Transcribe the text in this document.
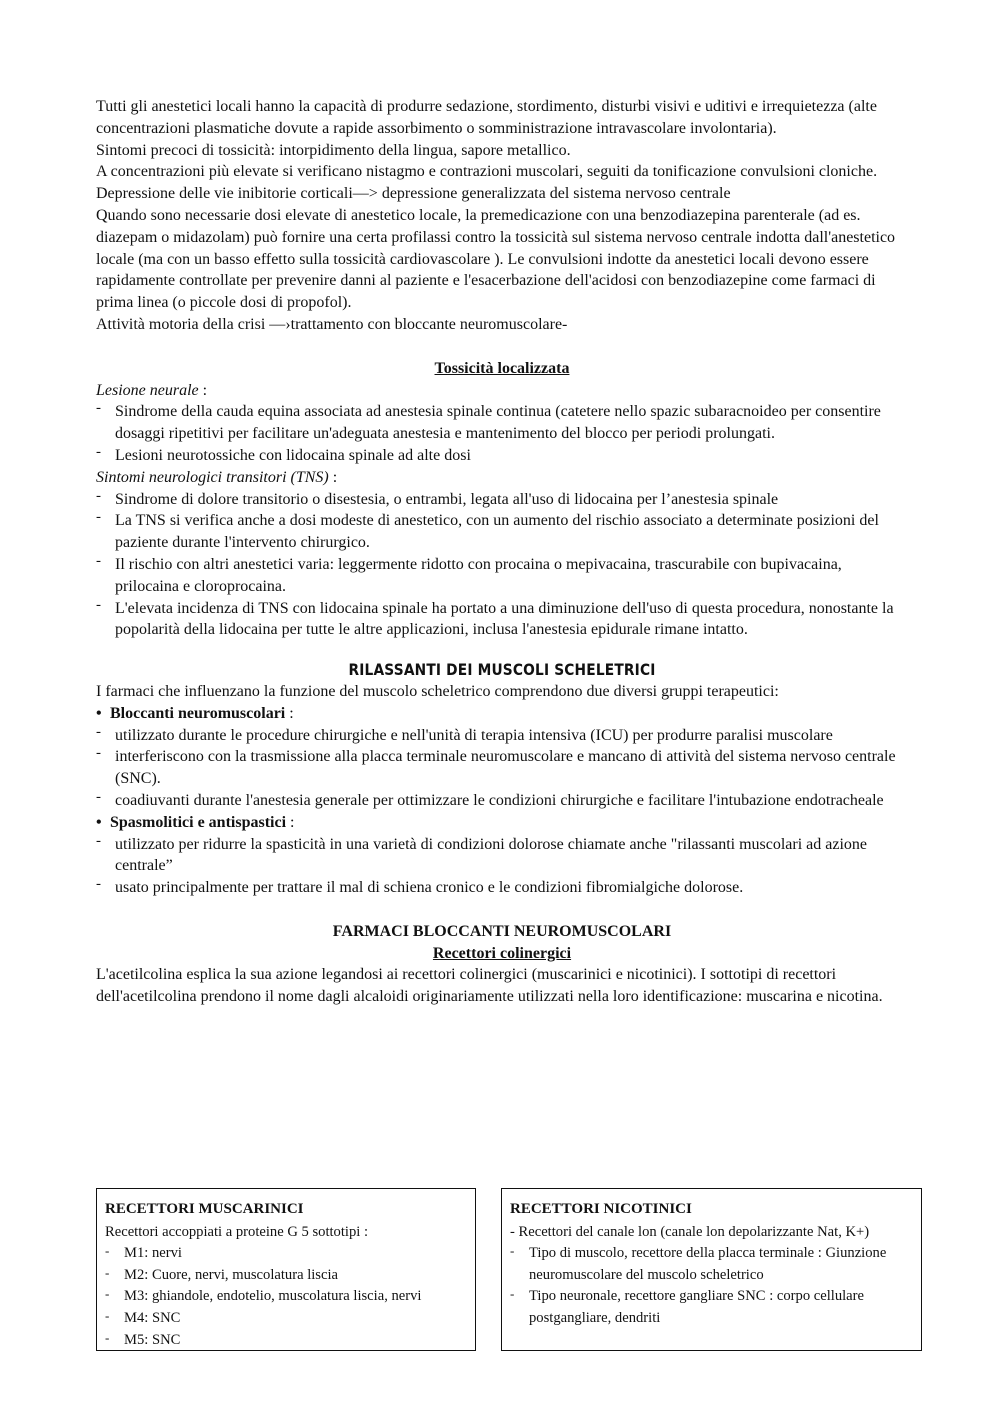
Tutti gli anestetici locali hanno la capacità di produrre sedazione, stordimento, disturbi visivi e uditivi e irrequietezza (alte concentrazioni plasmatiche dovute a rapide assorbimento o somministrazione intravascolare involontaria).

Sintomi precoci di tossicità: intorpidimento della lingua, sapore metallico.

A concentrazioni più elevate si verificano nistagmo e contrazioni muscolari, seguiti da tonificazione convulsioni cloniche.

Depressione delle vie inibitorie corticali—> depressione generalizzata del sistema nervoso centrale

Quando sono necessarie dosi elevate di anestetico locale, la premedicazione con una benzodiazepina parenterale (ad es. diazepam o midazolam) può fornire una certa profilassi contro la tossicità sul sistema nervoso centrale indotta dall'anestetico locale (ma con un basso effetto sulla tossicità cardiovascolare ). Le convulsioni indotte da anestetici locali devono essere rapidamente controllate per prevenire danni al paziente e l'esacerbazione dell'acidosi con benzodiazepine come farmaci di prima linea (o piccole dosi di propofol).

Attività motoria della crisi —›trattamento con bloccante neuromuscolare-

Tossicità localizzata

Lesione neurale :

- Sindrome della cauda equina associata ad anestesia spinale continua (catetere nello spazic subaracnoideo per consentire dosaggi ripetitivi per facilitare un'adeguata anestesia e mantenimento del blocco per periodi prolungati.
- Lesioni neurotossiche con lidocaina spinale ad alte dosi

Sintomi neurologici transitori (TNS) :

- Sindrome di dolore transitorio o disestesia, o entrambi, legata all'uso di lidocaina per l’anestesia spinale
- La TNS si verifica anche a dosi modeste di anestetico, con un aumento del rischio associato a determinate posizioni del paziente durante l'intervento chirurgico.
- Il rischio con altri anestetici varia: leggermente ridotto con procaina o mepivacaina, trascurabile con bupivacaina, prilocaina e cloroprocaina.
- L'elevata incidenza di TNS con lidocaina spinale ha portato a una diminuzione dell'uso di questa procedura, nonostante la popolarità della lidocaina per tutte le altre applicazioni, inclusa l'anestesia epidurale rimane intatto.

RILASSANTI DEI MUSCOLI SCHELETRICI

I farmaci che influenzano la funzione del muscolo scheletrico comprendono due diversi gruppi terapeutici:

• Bloccanti neuromuscolari :

- utilizzato durante le procedure chirurgiche e nell'unità di terapia intensiva (ICU) per produrre paralisi muscolare
- interferiscono con la trasmissione alla placca terminale neuromuscolare e mancano di attività del sistema nervoso centrale (SNC).
- coadiuvanti durante l'anestesia generale per ottimizzare le condizioni chirurgiche e facilitare l'intubazione endotracheale

• Spasmolitici e antispastici :

- utilizzato per ridurre la spasticità in una varietà di condizioni dolorose chiamate anche "rilassanti muscolari ad azione centrale”
- usato principalmente per trattare il mal di schiena cronico e le condizioni fibromialgiche dolorose.

FARMACI BLOCCANTI NEUROMUSCOLARI

Recettori colinergici

L'acetilcolina esplica la sua azione legandosi ai recettori colinergici (muscarinici e nicotinici). I sottotipi di recettori dell'acetilcolina prendono il nome dagli alcaloidi originariamente utilizzati nella loro identificazione: muscarina e nicotina.

RECETTORI MUSCARINICI
Recettori accoppiati a proteine G 5 sottotipi :
- M1: nervi
- M2: Cuore, nervi, muscolatura liscia
- M3: ghiandole, endotelio, muscolatura liscia, nervi
- M4: SNC
- M5: SNC
RECETTORI NICOTINICI
- Recettori del canale lon (canale lon depolarizzante Nat, K+)
- Tipo di muscolo, recettore della placca terminale : Giunzione neuromuscolare del muscolo scheletrico
- Tipo neuronale, recettore gangliare SNC : corpo cellulare postgangliare, dendriti
